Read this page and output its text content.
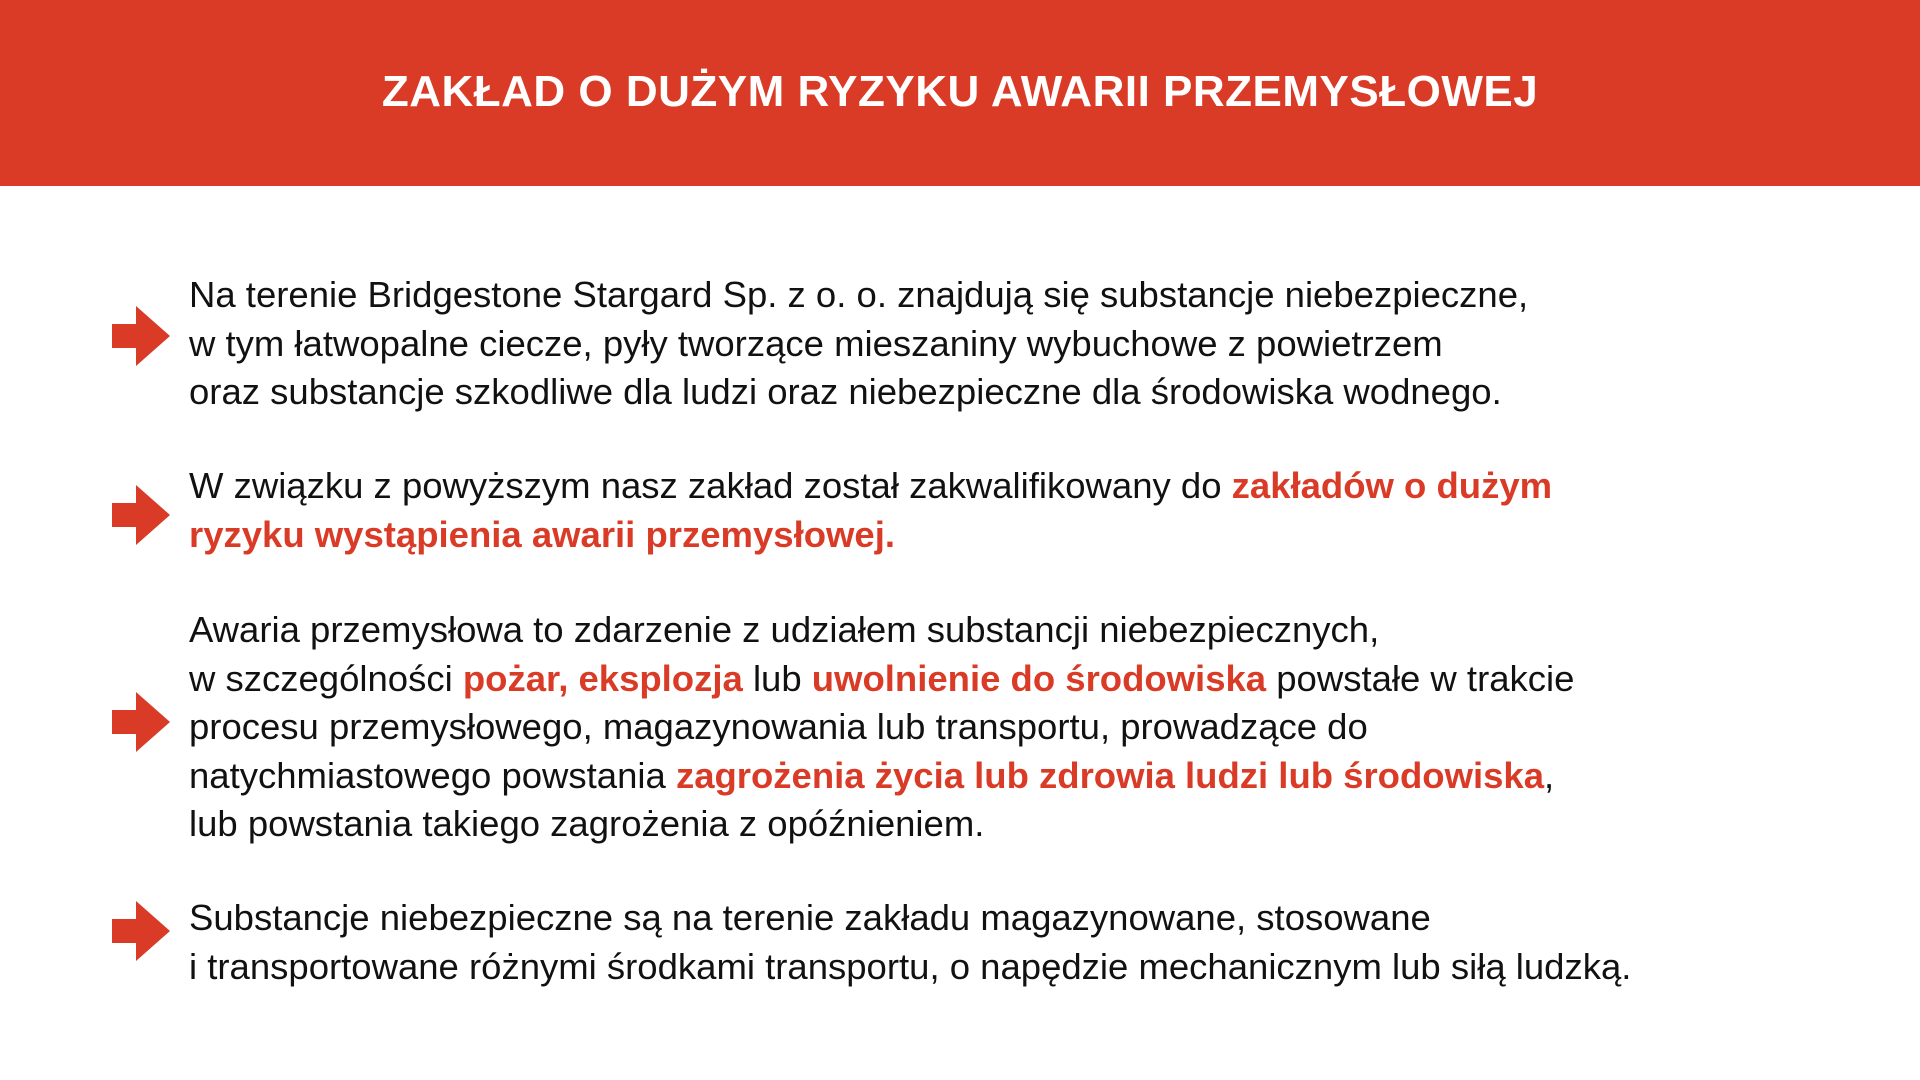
ZAKŁAD O DUŻYM RYZYKU AWARII PRZEMYSŁOWEJ

Na terenie Bridgestone Stargard Sp. z o. o. znajdują się substancje niebezpieczne,
w tym łatwopalne ciecze, pyły tworzące mieszaniny wybuchowe z powietrzem
oraz substancje szkodliwe dla ludzi oraz niebezpieczne dla środowiska wodnego.

W związku z powyższym nasz zakład został zakwalifikowany do zakładów o dużym
ryzyku wystąpienia awarii przemysłowej.

Awaria przemysłowa to zdarzenie z udziałem substancji niebezpiecznych,
w szczególności pożar, eksplozja lub uwolnienie do środowiska powstałe w trakcie
procesu przemysłowego, magazynowania lub transportu, prowadzące do
natychmiastowego powstania zagrożenia życia lub zdrowia ludzi lub środowiska,
lub powstania takiego zagrożenia z opóźnieniem.

Substancje niebezpieczne są na terenie zakładu magazynowane, stosowane
i transportowane różnymi środkami transportu, o napędzie mechanicznym lub siłą ludzką.
